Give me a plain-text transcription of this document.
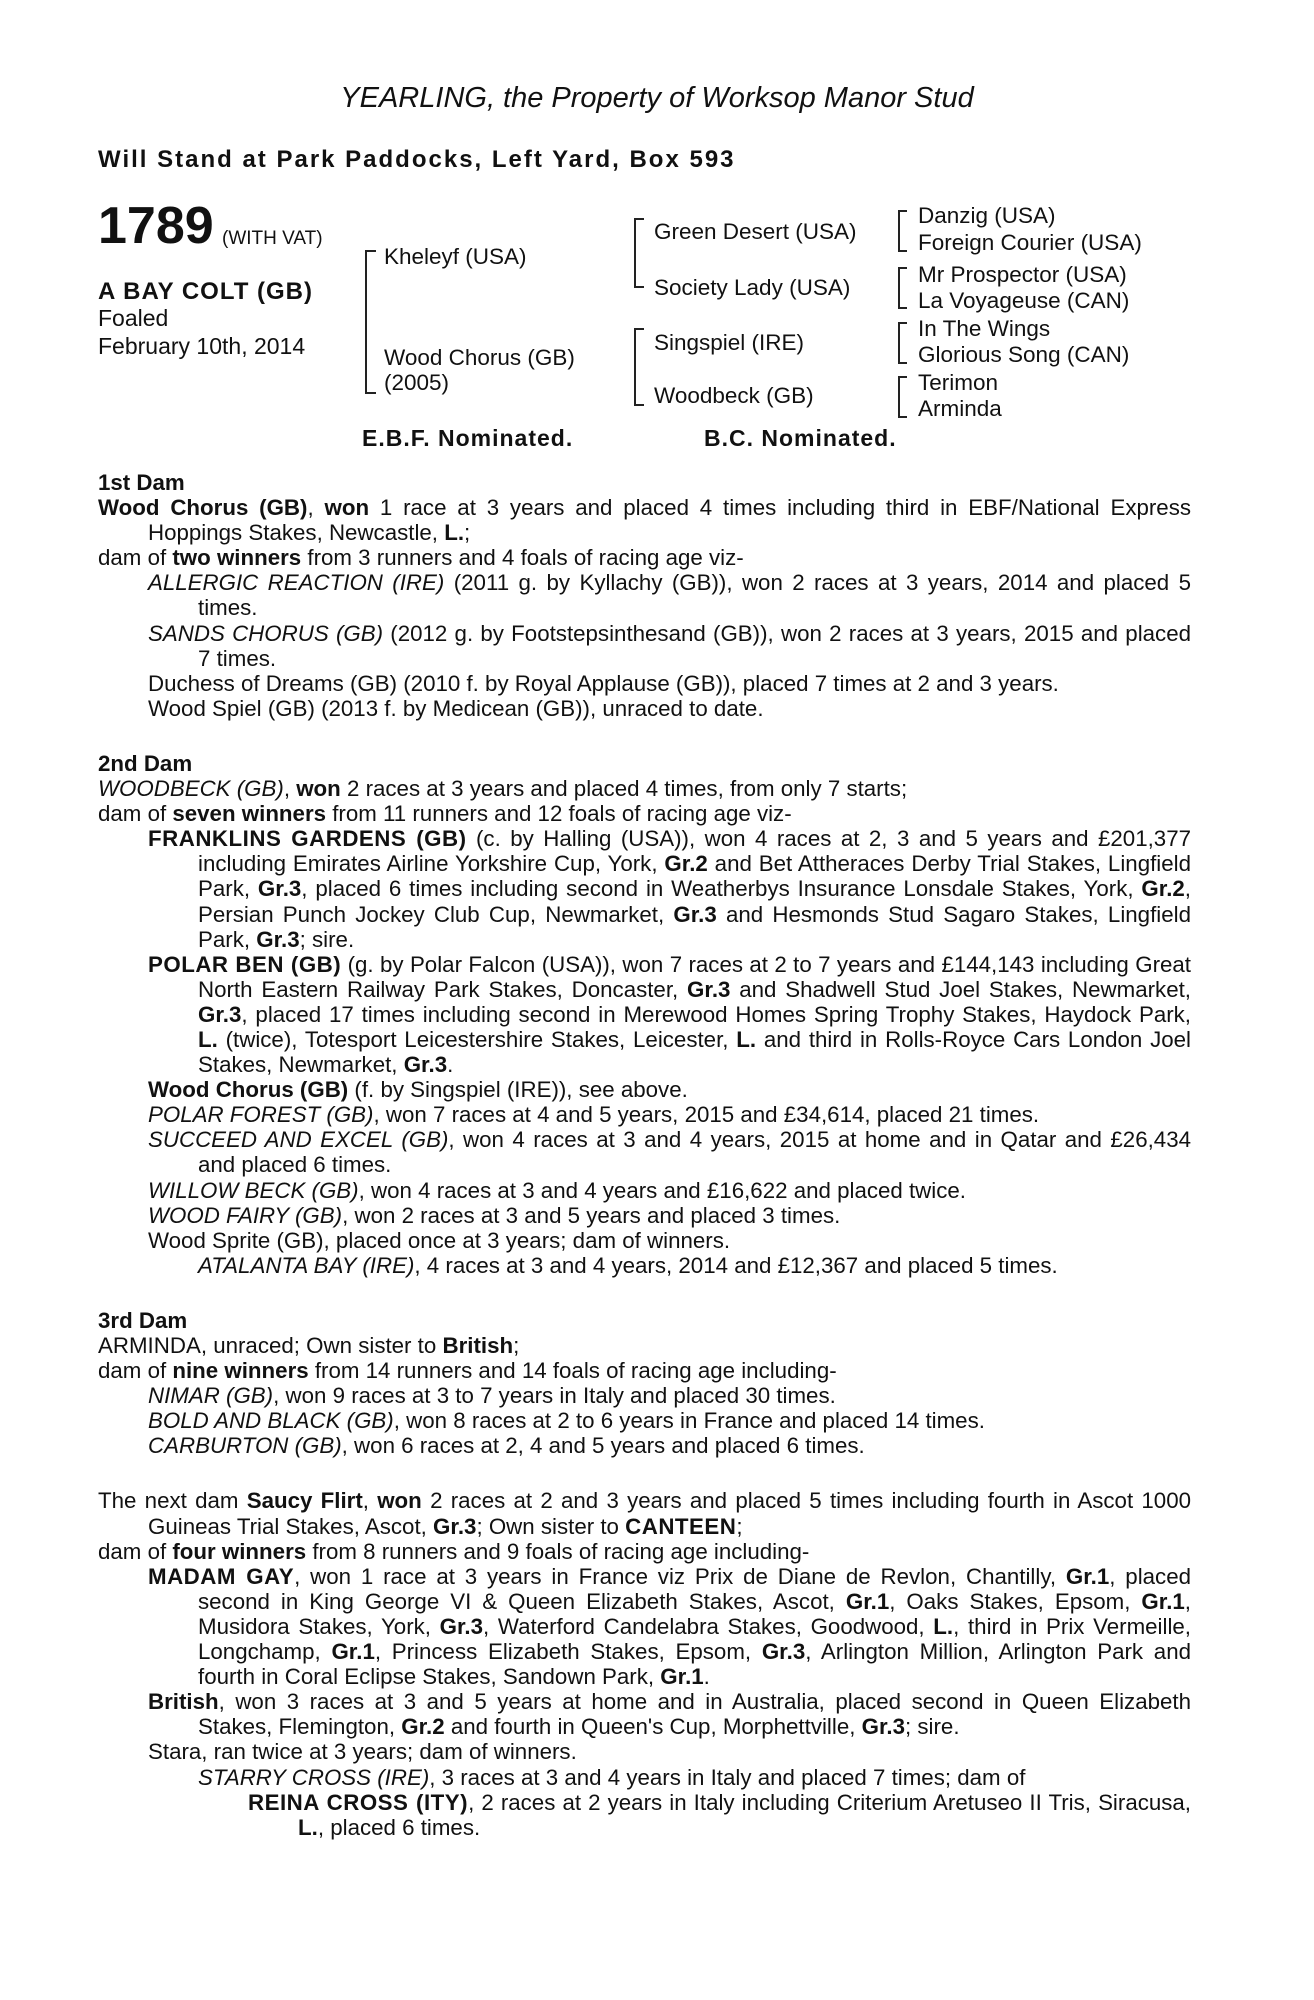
YEARLING, the Property of Worksop Manor Stud
Will Stand at Park Paddocks, Left Yard, Box 593
1789 (WITH VAT)
A BAY COLT (GB)
Foaled
February 10th, 2014
Kheleyf (USA)
Wood Chorus (GB)
(2005)
Green Desert (USA)
Society Lady (USA)
Singspiel (IRE)
Woodbeck (GB)
Danzig (USA)
Foreign Courier (USA)
Mr Prospector (USA)
La Voyageuse (CAN)
In The Wings
Glorious Song (CAN)
Terimon
Arminda
E.B.F. Nominated.	B.C. Nominated.
1st Dam
Wood Chorus (GB), won 1 race at 3 years and placed 4 times including third in EBF/National Express Hoppings Stakes, Newcastle, L.;
dam of two winners from 3 runners and 4 foals of racing age viz-
ALLERGIC REACTION (IRE) (2011 g. by Kyllachy (GB)), won 2 races at 3 years, 2014 and placed 5 times.
SANDS CHORUS (GB) (2012 g. by Footstepsinthesand (GB)), won 2 races at 3 years, 2015 and placed 7 times.
Duchess of Dreams (GB) (2010 f. by Royal Applause (GB)), placed 7 times at 2 and 3 years.
Wood Spiel (GB) (2013 f. by Medicean (GB)), unraced to date.
2nd Dam
WOODBECK (GB), won 2 races at 3 years and placed 4 times, from only 7 starts;
dam of seven winners from 11 runners and 12 foals of racing age viz-
FRANKLINS GARDENS (GB) (c. by Halling (USA)), won 4 races at 2, 3 and 5 years and £201,377 including Emirates Airline Yorkshire Cup, York, Gr.2 and Bet Attheraces Derby Trial Stakes, Lingfield Park, Gr.3, placed 6 times including second in Weatherbys Insurance Lonsdale Stakes, York, Gr.2, Persian Punch Jockey Club Cup, Newmarket, Gr.3 and Hesmonds Stud Sagaro Stakes, Lingfield Park, Gr.3; sire.
POLAR BEN (GB) (g. by Polar Falcon (USA)), won 7 races at 2 to 7 years and £144,143 including Great North Eastern Railway Park Stakes, Doncaster, Gr.3 and Shadwell Stud Joel Stakes, Newmarket, Gr.3, placed 17 times including second in Merewood Homes Spring Trophy Stakes, Haydock Park, L. (twice), Totesport Leicestershire Stakes, Leicester, L. and third in Rolls-Royce Cars London Joel Stakes, Newmarket, Gr.3.
Wood Chorus (GB) (f. by Singspiel (IRE)), see above.
POLAR FOREST (GB), won 7 races at 4 and 5 years, 2015 and £34,614, placed 21 times.
SUCCEED AND EXCEL (GB), won 4 races at 3 and 4 years, 2015 at home and in Qatar and £26,434 and placed 6 times.
WILLOW BECK (GB), won 4 races at 3 and 4 years and £16,622 and placed twice.
WOOD FAIRY (GB), won 2 races at 3 and 5 years and placed 3 times.
Wood Sprite (GB), placed once at 3 years; dam of winners.
ATALANTA BAY (IRE), 4 races at 3 and 4 years, 2014 and £12,367 and placed 5 times.
3rd Dam
ARMINDA, unraced; Own sister to British;
dam of nine winners from 14 runners and 14 foals of racing age including-
NIMAR (GB), won 9 races at 3 to 7 years in Italy and placed 30 times.
BOLD AND BLACK (GB), won 8 races at 2 to 6 years in France and placed 14 times.
CARBURTON (GB), won 6 races at 2, 4 and 5 years and placed 6 times.
The next dam Saucy Flirt, won 2 races at 2 and 3 years and placed 5 times including fourth in Ascot 1000 Guineas Trial Stakes, Ascot, Gr.3; Own sister to CANTEEN;
dam of four winners from 8 runners and 9 foals of racing age including-
MADAM GAY, won 1 race at 3 years in France viz Prix de Diane de Revlon, Chantilly, Gr.1, placed second in King George VI & Queen Elizabeth Stakes, Ascot, Gr.1, Oaks Stakes, Epsom, Gr.1, Musidora Stakes, York, Gr.3, Waterford Candelabra Stakes, Goodwood, L., third in Prix Vermeille, Longchamp, Gr.1, Princess Elizabeth Stakes, Epsom, Gr.3, Arlington Million, Arlington Park and fourth in Coral Eclipse Stakes, Sandown Park, Gr.1.
British, won 3 races at 3 and 5 years at home and in Australia, placed second in Queen Elizabeth Stakes, Flemington, Gr.2 and fourth in Queen's Cup, Morphettville, Gr.3; sire.
Stara, ran twice at 3 years; dam of winners.
STARRY CROSS (IRE), 3 races at 3 and 4 years in Italy and placed 7 times; dam of
REINA CROSS (ITY), 2 races at 2 years in Italy including Criterium Aretuseo II Tris, Siracusa, L., placed 6 times.
